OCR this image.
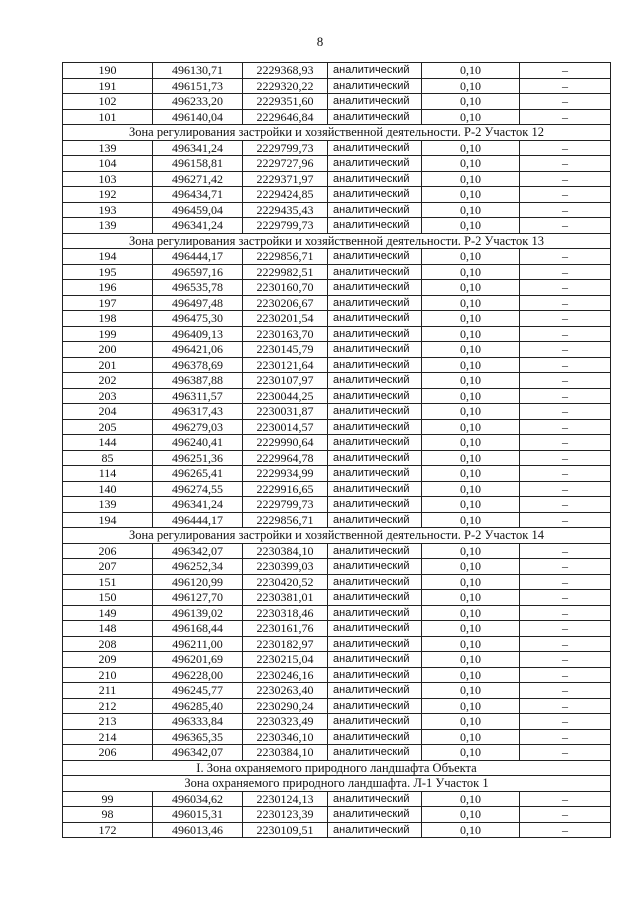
8
190	496130,71	2229368,93	аналитический	0,10	–
191	496151,73	2229320,22	аналитический	0,10	–
102	496233,20	2229351,60	аналитический	0,10	–
101	496140,04	2229646,84	аналитический	0,10	–
Зона регулирования застройки и хозяйственной деятельности. Р-2 Участок 12					
139	496341,24	2229799,73	аналитический	0,10	–
104	496158,81	2229727,96	аналитический	0,10	–
103	496271,42	2229371,97	аналитический	0,10	–
192	496434,71	2229424,85	аналитический	0,10	–
193	496459,04	2229435,43	аналитический	0,10	–
139	496341,24	2229799,73	аналитический	0,10	–
Зона регулирования застройки и хозяйственной деятельности. Р-2 Участок 13					
194	496444,17	2229856,71	аналитический	0,10	–
195	496597,16	2229982,51	аналитический	0,10	–
196	496535,78	2230160,70	аналитический	0,10	–
197	496497,48	2230206,67	аналитический	0,10	–
198	496475,30	2230201,54	аналитический	0,10	–
199	496409,13	2230163,70	аналитический	0,10	–
200	496421,06	2230145,79	аналитический	0,10	–
201	496378,69	2230121,64	аналитический	0,10	–
202	496387,88	2230107,97	аналитический	0,10	–
203	496311,57	2230044,25	аналитический	0,10	–
204	496317,43	2230031,87	аналитический	0,10	–
205	496279,03	2230014,57	аналитический	0,10	–
144	496240,41	2229990,64	аналитический	0,10	–
85	496251,36	2229964,78	аналитический	0,10	–
114	496265,41	2229934,99	аналитический	0,10	–
140	496274,55	2229916,65	аналитический	0,10	–
139	496341,24	2229799,73	аналитический	0,10	–
194	496444,17	2229856,71	аналитический	0,10	–
Зона регулирования застройки и хозяйственной деятельности. Р-2 Участок 14					
206	496342,07	2230384,10	аналитический	0,10	–
207	496252,34	2230399,03	аналитический	0,10	–
151	496120,99	2230420,52	аналитический	0,10	–
150	496127,70	2230381,01	аналитический	0,10	–
149	496139,02	2230318,46	аналитический	0,10	–
148	496168,44	2230161,76	аналитический	0,10	–
208	496211,00	2230182,97	аналитический	0,10	–
209	496201,69	2230215,04	аналитический	0,10	–
210	496228,00	2230246,16	аналитический	0,10	–
211	496245,77	2230263,40	аналитический	0,10	–
212	496285,40	2230290,24	аналитический	0,10	–
213	496333,84	2230323,49	аналитический	0,10	–
214	496365,35	2230346,10	аналитический	0,10	–
206	496342,07	2230384,10	аналитический	0,10	–
I. Зона охраняемого природного ландшафта Объекта					
Зона охраняемого природного ландшафта. Л-1 Участок 1					
99	496034,62	2230124,13	аналитический	0,10	–
98	496015,31	2230123,39	аналитический	0,10	–
172	496013,46	2230109,51	аналитический	0,10	–
